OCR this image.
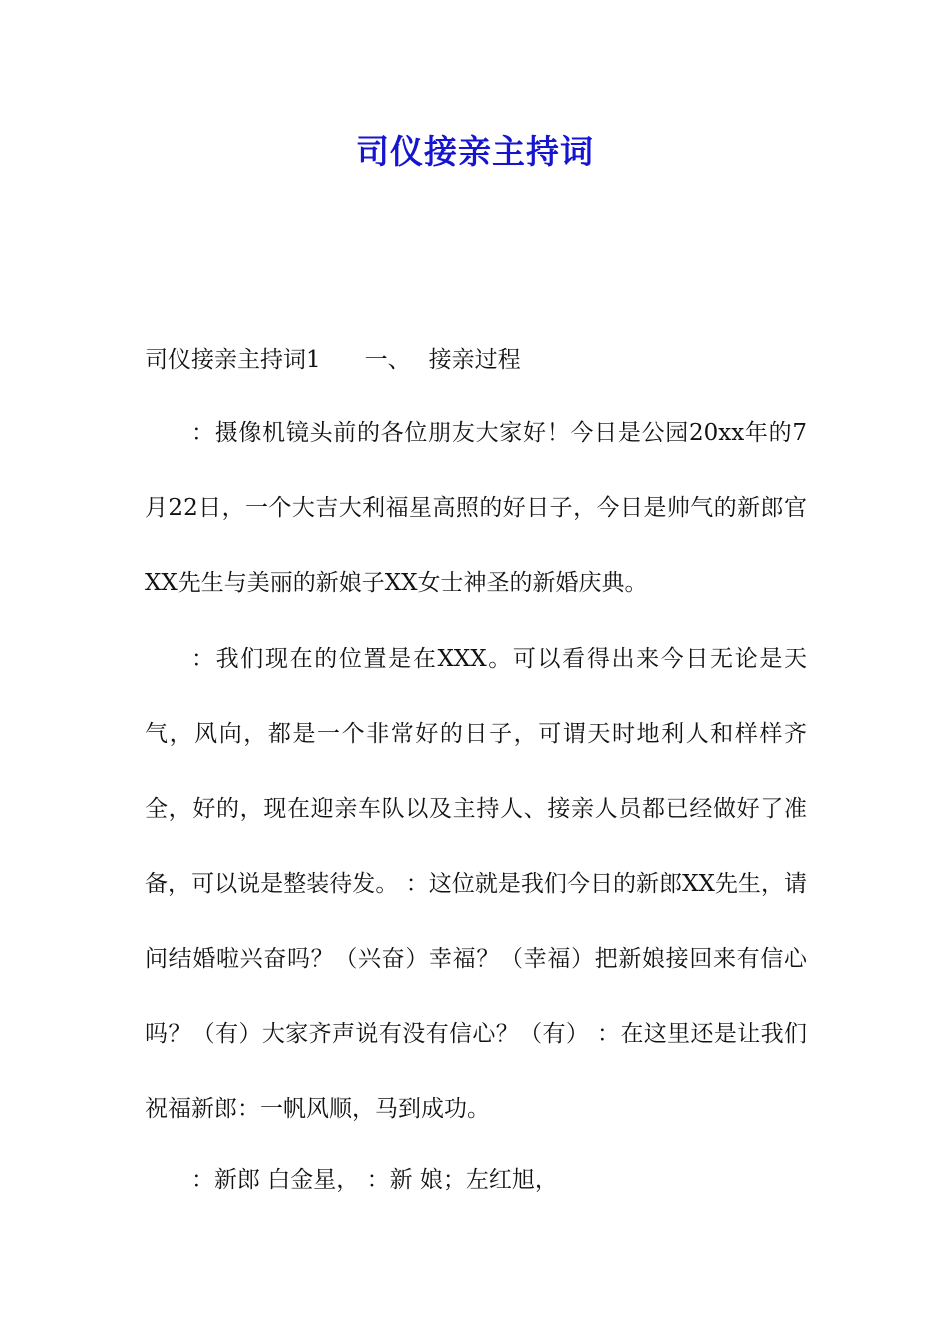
司仪接亲主持词
司仪接亲主持词1 一、 接亲过程

：摄像机镜头前的各位朋友大家好！今日是公园20xx年的7月22日，一个大吉大利福星高照的好日子，今日是帅气的新郎官XX先生与美丽的新娘子XX女士神圣的新婚庆典。

：我们现在的位置是在XXX。可以看得出来今日无论是天气，风向，都是一个非常好的日子，可谓天时地利人和样样齐全，好的，现在迎亲车队以及主持人、接亲人员都已经做好了准备，可以说是整装待发。 ：这位就是我们今日的新郎XX先生，请问结婚啦兴奋吗？（兴奋）幸福？（幸福）把新娘接回来有信心吗？（有）大家齐声说有没有信心？（有） ：在这里还是让我们祝福新郎：一帆风顺，马到成功。

：新郎 白金星， ：新 娘；左红旭，
